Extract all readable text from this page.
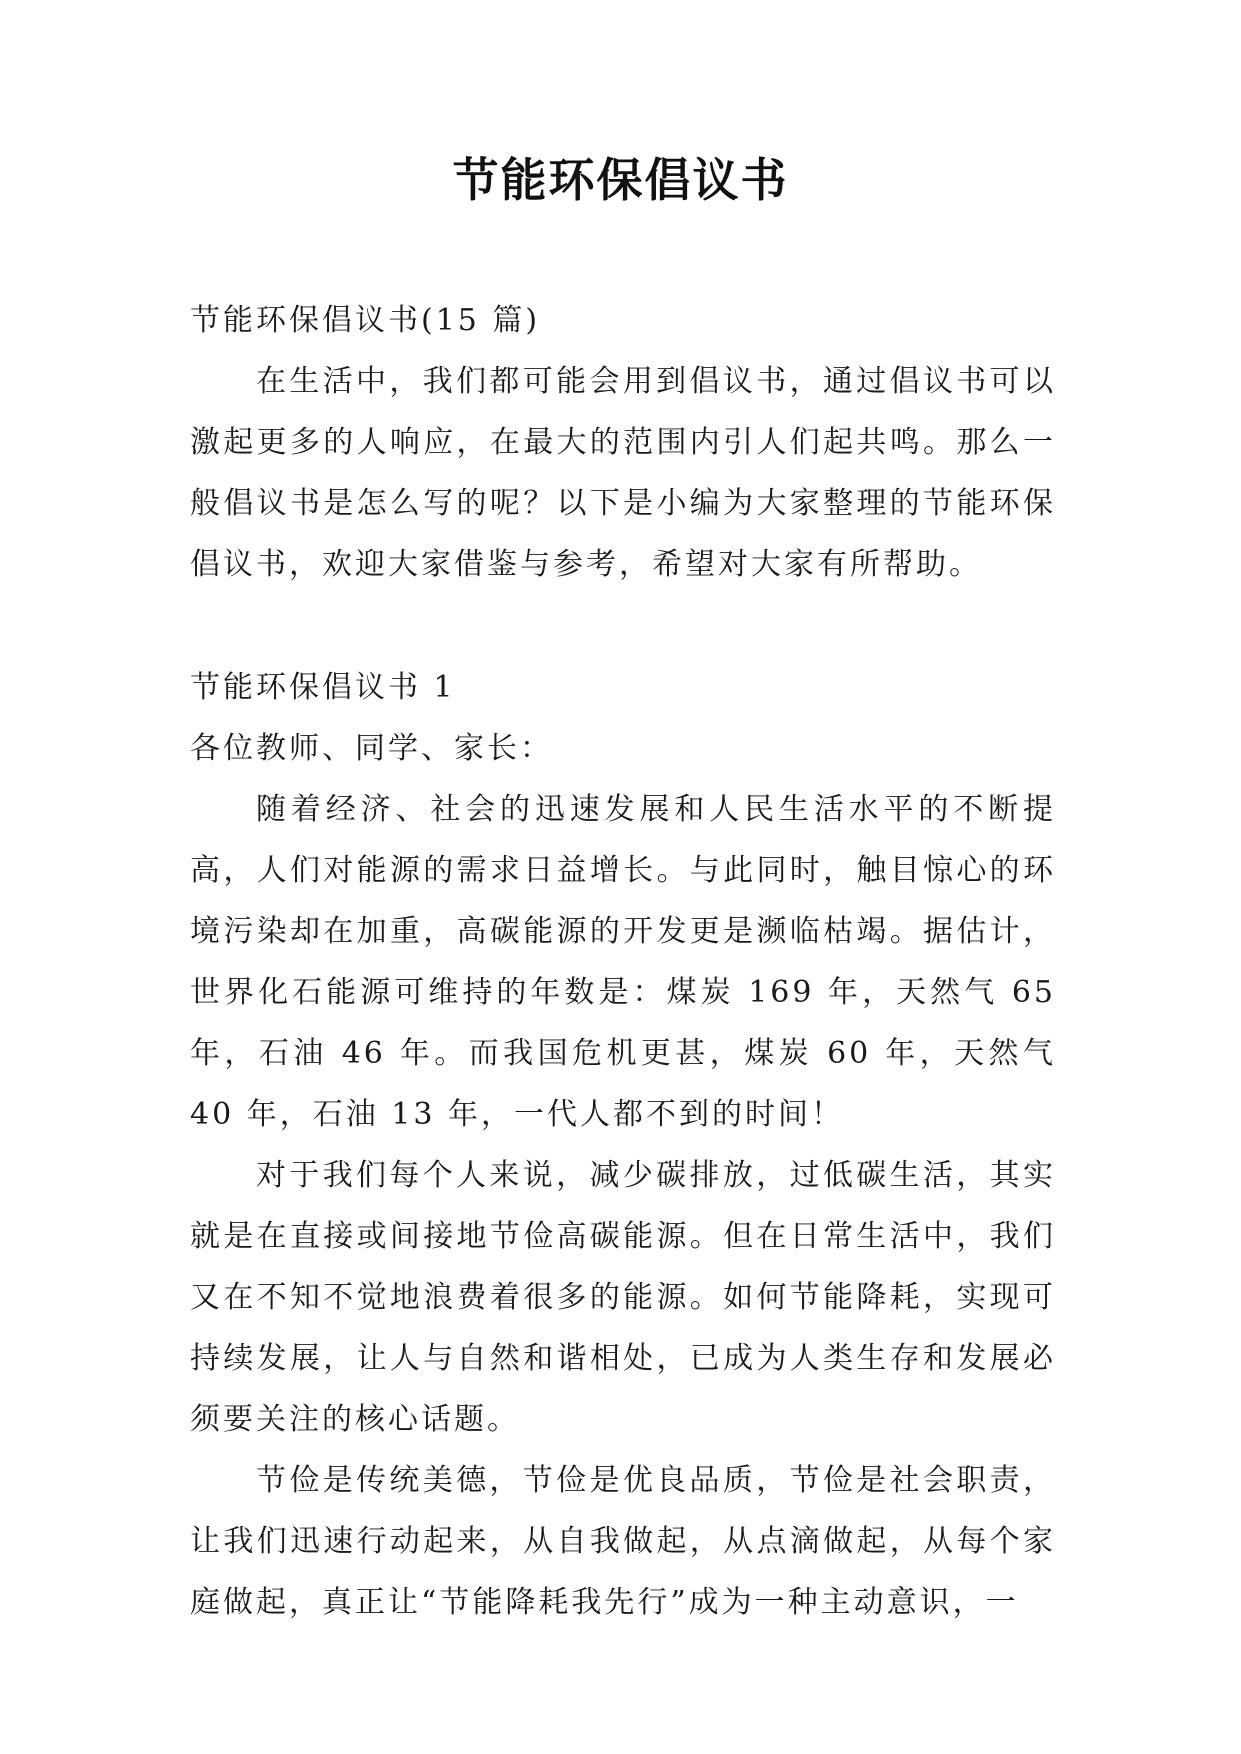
节能环保倡议书

节能环保倡议书(15 篇)

在生活中，我们都可能会用到倡议书，通过倡议书可以激起更多的人响应，在最大的范围内引人们起共鸣。那么一般倡议书是怎么写的呢？以下是小编为大家整理的节能环保倡议书，欢迎大家借鉴与参考，希望对大家有所帮助。

节能环保倡议书 1

各位教师、同学、家长：

随着经济、社会的迅速发展和人民生活水平的不断提高，人们对能源的需求日益增长。与此同时，触目惊心的环境污染却在加重，高碳能源的开发更是濒临枯竭。据估计，世界化石能源可维持的年数是：煤炭 169 年，天然气 65 年，石油 46 年。而我国危机更甚，煤炭 60 年，天然气 40 年，石油 13 年，一代人都不到的时间！

对于我们每个人来说，减少碳排放，过低碳生活，其实就是在直接或间接地节俭高碳能源。但在日常生活中，我们又在不知不觉地浪费着很多的能源。如何节能降耗，实现可持续发展，让人与自然和谐相处，已成为人类生存和发展必须要关注的核心话题。

节俭是传统美德，节俭是优良品质，节俭是社会职责，让我们迅速行动起来，从自我做起，从点滴做起，从每个家庭做起，真正让“节能降耗我先行”成为一种主动意识，一
